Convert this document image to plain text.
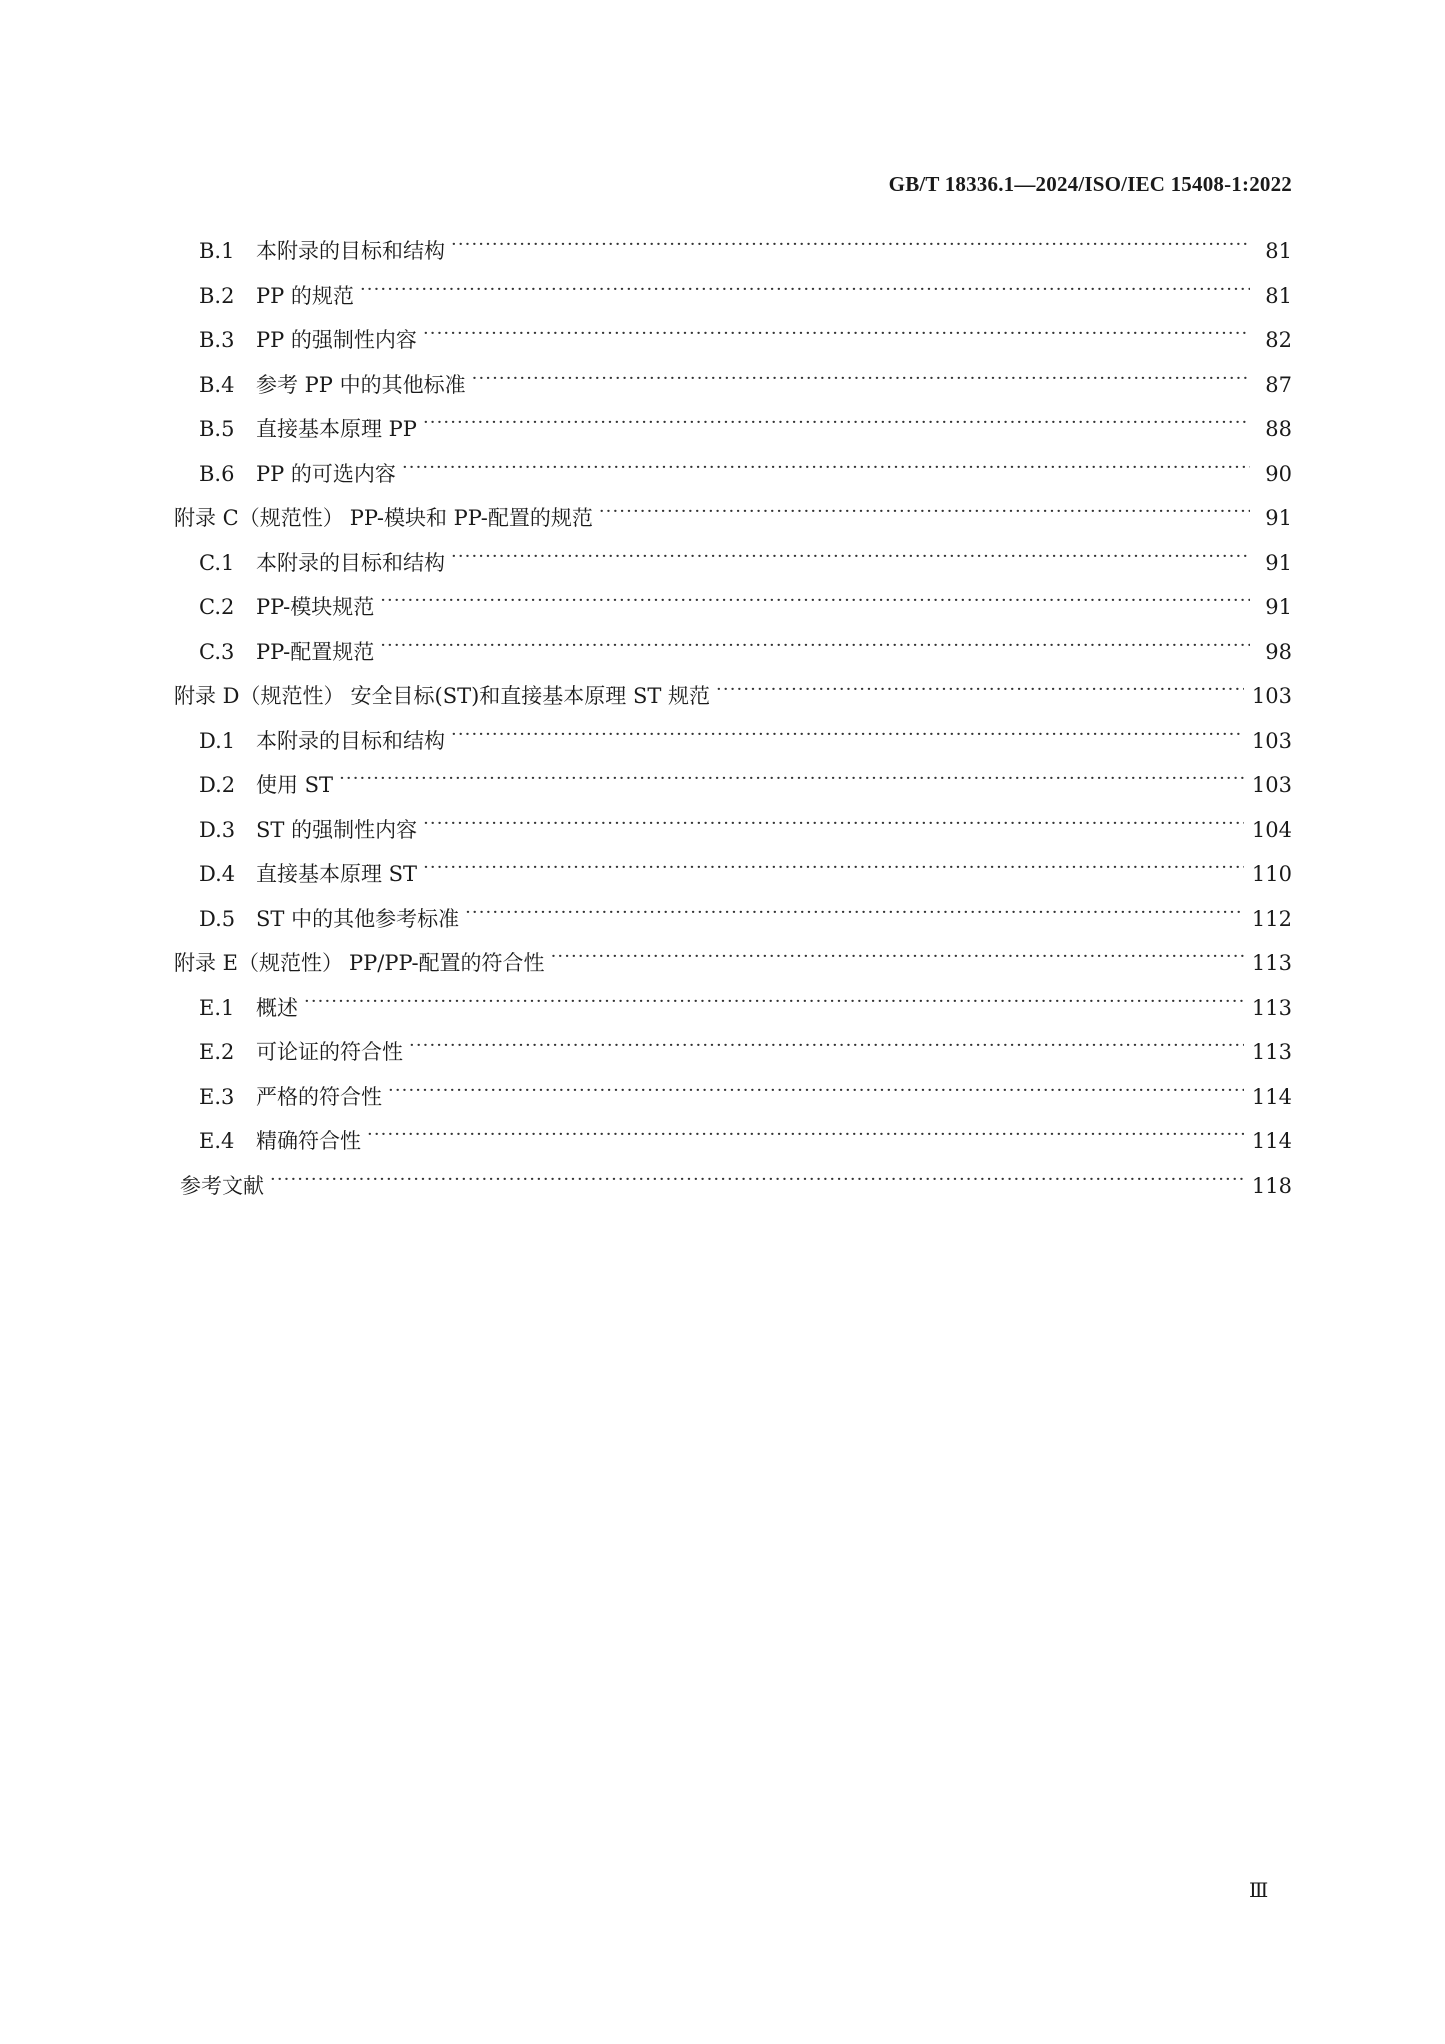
GB/T 18336.1—2024/ISO/IEC 15408-1:2022
B.1	本附录的目标和结构 ·····	81
B.2	PP 的规范 ·····	81
B.3	PP 的强制性内容 ·····	82
B.4	参考 PP 中的其他标准 ·····	87
B.5	直接基本原理 PP ·····	88
B.6	PP 的可选内容 ·····	90
附录 C（规范性） PP-模块和 PP-配置的规范 ·····	91
C.1	本附录的目标和结构 ·····	91
C.2	PP-模块规范 ·····	91
C.3	PP-配置规范 ·····	98
附录 D（规范性） 安全目标(ST)和直接基本原理 ST 规范 ·····	103
D.1 本附录的目标和结构 ·····	103
D.2 使用 ST ·····	103
D.3 ST 的强制性内容 ·····	104
D.4 直接基本原理 ST ·····	110
D.5 ST 中的其他参考标准 ·····	112
附录 E（规范性） PP/PP-配置的符合性 ·····	113
E.1	概述 ·····	113
E.2	可论证的符合性 ·····	113
E.3	严格的符合性 ·····	114
E.4	精确符合性 ·····	114
参考文献 ·····	118
Ⅲ
